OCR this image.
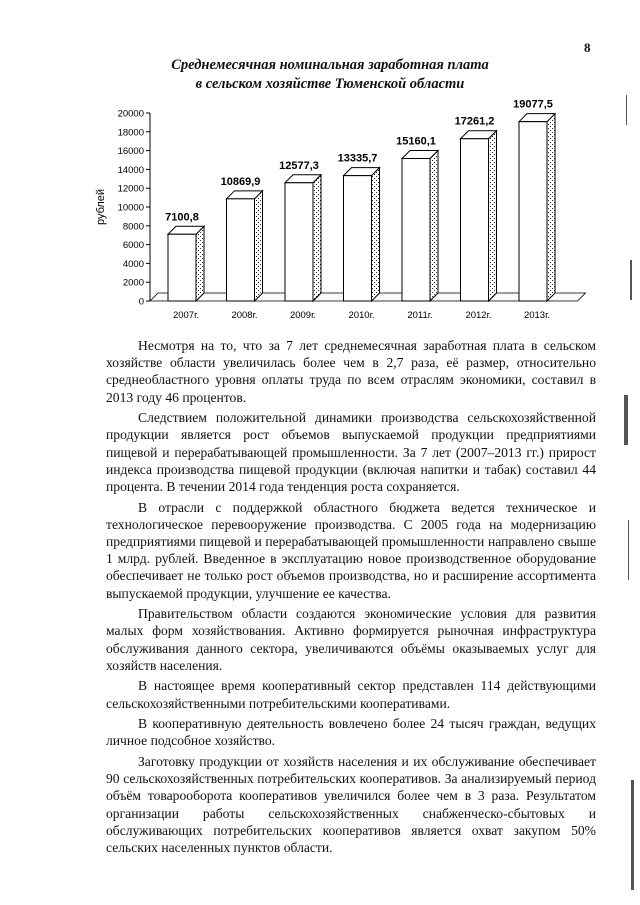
8
Среднемесячная номинальная заработная плата
в сельском хозяйстве Тюменской области
рублей
0
2000
4000
6000
8000
10000
12000
14000
16000
18000
20000
7100,8
2007г.
10869,9
2008г.
12577,3
2009г.
13335,7
2010г.
15160,1
2011г.
17261,2
2012г.
19077,5
2013г.

Несмотря на то, что за 7 лет среднемесячная заработная плата в сельском хозяйстве области увеличилась более чем в 2,7 раза, её размер, относительно среднеобластного уровня оплаты труда по всем отраслям экономики, составил в 2013 году 46 процентов.

Следствием положительной динамики производства сельскохозяйственной продукции является рост объемов выпускаемой продукции предприятиями пищевой и перерабатывающей промышленности. За 7 лет (2007–2013 гг.) прирост индекса производства пищевой продукции (включая напитки и табак) составил 44 процента. В течении 2014 года тенденция роста сохраняется.

В отрасли с поддержкой областного бюджета ведется техническое и технологическое перевооружение производства. С 2005 года на модернизацию предприятиями пищевой и перерабатывающей промышленности направлено свыше 1 млрд. рублей. Введенное в эксплуатацию новое производственное оборудование обеспечивает не только рост объемов производства, но и расширение ассортимента выпускаемой продукции, улучшение ее качества.

Правительством области создаются экономические условия для развития малых форм хозяйствования. Активно формируется рыночная инфраструктура обслуживания данного сектора, увеличиваются объёмы оказываемых услуг для хозяйств населения.

В настоящее время кооперативный сектор представлен 114 действующими сельскохозяйственными потребительскими кооперативами.

В кооперативную деятельность вовлечено более 24 тысяч граждан, ведущих личное подсобное хозяйство.

Заготовку продукции от хозяйств населения и их обслуживание обеспечивает 90 сельскохозяйственных потребительских кооперативов. За анализируемый период объём товарооборота кооперативов увеличился более чем в 3 раза. Результатом организации работы сельскохозяйственных снабженческо-сбытовых и обслуживающих потребительских кооперативов является охват закупом 50% сельских населенных пунктов области.
